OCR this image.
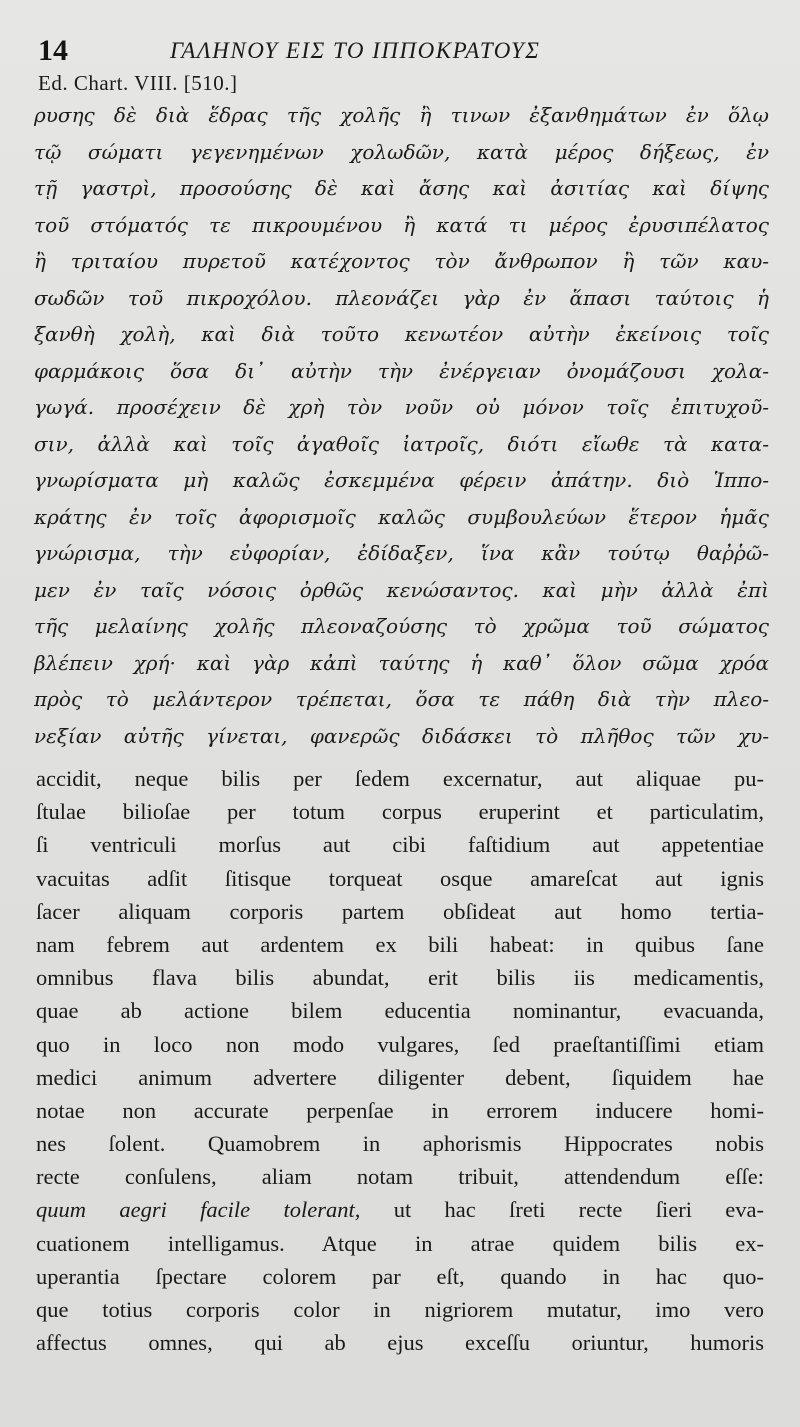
14	ΓΑΛΗΝΟΥ ΕΙΣ ΤΟ ΙΠΠΟΚΡΑΤΟΥΣ
Ed. Chart. VIII. [510.]
ρυσης δὲ διὰ ἕδρας τῆς χολῆς ἢ τινων ἐξανθημάτων ἐν ὅλῳ
τῷ σώματι γεγενημένων χολωδῶν, κατὰ μέρος δήξεως, ἐν
τῇ γαστρὶ, προσούσης δὲ καὶ ἄσης καὶ ἀσιτίας καὶ δίψης
τοῦ στόματός τε πικρουμένου ἢ κατά τι μέρος ἐρυσιπέλατος
ἢ τριταίου πυρετοῦ κατέχοντος τὸν ἄνθρωπον ἢ τῶν καυ-
σωδῶν τοῦ πικροχόλου. πλεονάζει γὰρ ἐν ἅπασι ταύτοις ἡ
ξανθὴ χολὴ, καὶ διὰ τοῦτο κενωτέον αὐτὴν ἐκείνοις τοῖς
φαρμάκοις ὅσα δι᾽ αὐτὴν τὴν ἐνέργειαν ὀνομάζουσι χολα-
γωγά. προσέχειν δὲ χρὴ τὸν νοῦν οὐ μόνον τοῖς ἐπιτυχοῦ-
σιν, ἀλλὰ καὶ τοῖς ἀγαθοῖς ἰατροῖς, διότι εἴωθε τὰ κατα-
γνωρίσματα μὴ καλῶς ἐσκεμμένα φέρειν ἀπάτην. διὸ Ἱππο-
κράτης ἐν τοῖς ἀφορισμοῖς καλῶς συμβουλεύων ἕτερον ἡμᾶς
γνώρισμα, τὴν εὐφορίαν, ἐδίδαξεν, ἵνα κἂν τούτῳ θαῤῥῶ-
μεν ἐν ταῖς νόσοις ὀρθῶς κενώσαντος. καὶ μὴν ἀλλὰ ἐπὶ
τῆς μελαίνης χολῆς πλεοναζούσης τὸ χρῶμα τοῦ σώματος
βλέπειν χρή· καὶ γὰρ κἀπὶ ταύτης ἡ καθ᾽ ὅλον σῶμα χρόα
πρὸς τὸ μελάντερον τρέπεται, ὅσα τε πάθη διὰ τὴν πλεο-
νεξίαν αὐτῆς γίνεται, φανερῶς διδάσκει τὸ πλῆθος τῶν χυ-
accidit, neque bilis per ſedem excernatur, aut aliquae pu-
ſtulae bilioſae per totum corpus eruperint et particulatim,
ſi ventriculi morſus aut cibi faſtidium aut appetentiae
vacuitas adſit ſitisque torqueat osque amareſcat aut ignis
ſacer aliquam corporis partem obſideat aut homo tertia-
nam febrem aut ardentem ex bili habeat: in quibus ſane
omnibus flava bilis abundat, erit bilis iis medicamentis,
quae ab actione bilem educentia nominantur, evacuanda,
quo in loco non modo vulgares, ſed praeſtantiſſimi etiam
medici animum advertere diligenter debent, ſiquidem hae
notae non accurate perpenſae in errorem inducere homi-
nes ſolent. Quamobrem in aphorismis Hippocrates nobis
recte conſulens, aliam notam tribuit, attendendum eſſe:
quum aegri facile tolerant, ut hac ſreti recte ſieri eva-
cuationem intelligamus. Atque in atrae quidem bilis ex-
uperantia ſpectare colorem par eſt, quando in hac quo-
que totius corporis color in nigriorem mutatur, imo vero
affectus omnes, qui ab ejus exceſſu oriuntur, humoris
